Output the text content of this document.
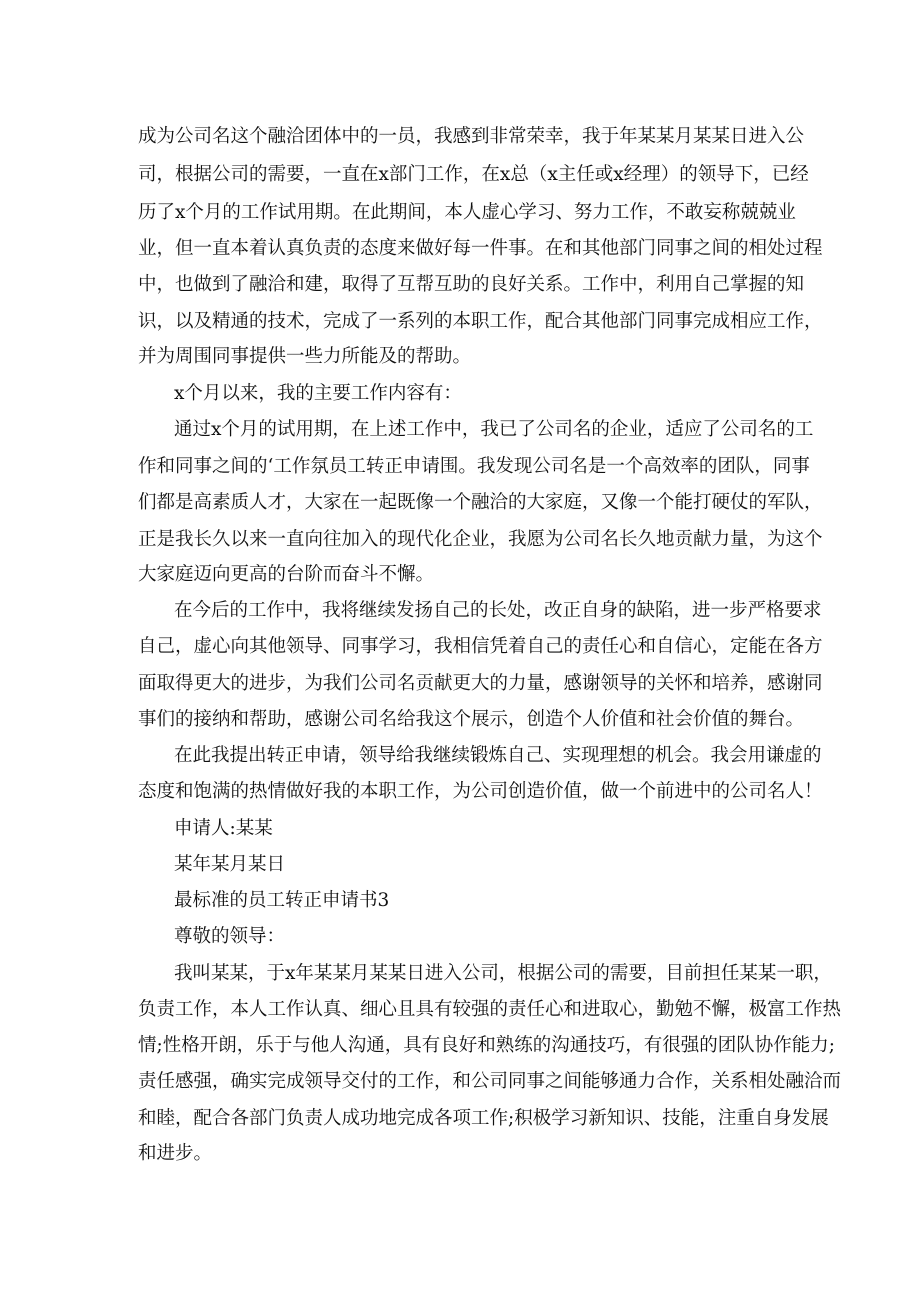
成为公司名这个融洽团体中的一员，我感到非常荣幸，我于年某某月某某日进入公

司，根据公司的需要，一直在x部门工作，在x总（x主任或x经理）的领导下，已经

历了x个月的工作试用期。在此期间，本人虚心学习、努力工作，不敢妄称兢兢业

业，但一直本着认真负责的态度来做好每一件事。在和其他部门同事之间的相处过程

中，也做到了融洽和建，取得了互帮互助的良好关系。工作中，利用自己掌握的知

识，以及精通的技术，完成了一系列的本职工作，配合其他部门同事完成相应工作，

并为周围同事提供一些力所能及的帮助。

x个月以来，我的主要工作内容有：

通过x个月的试用期，在上述工作中，我已了公司名的企业，适应了公司名的工

作和同事之间的‘工作氛员工转正申请围。我发现公司名是一个高效率的团队，同事

们都是高素质人才，大家在一起既像一个融洽的大家庭，又像一个能打硬仗的军队，

正是我长久以来一直向往加入的现代化企业，我愿为公司名长久地贡献力量，为这个

大家庭迈向更高的台阶而奋斗不懈。

在今后的工作中，我将继续发扬自己的长处，改正自身的缺陷，进一步严格要求

自己，虚心向其他领导、同事学习，我相信凭着自己的责任心和自信心，定能在各方

面取得更大的进步，为我们公司名贡献更大的力量，感谢领导的关怀和培养，感谢同

事们的接纳和帮助，感谢公司名给我这个展示，创造个人价值和社会价值的舞台。

在此我提出转正申请，领导给我继续锻炼自己、实现理想的机会。我会用谦虚的

态度和饱满的热情做好我的本职工作，为公司创造价值，做一个前进中的公司名人！

申请人:某某

某年某月某日

最标准的员工转正申请书3

尊敬的领导：

我叫某某，于x年某某月某某日进入公司，根据公司的需要，目前担任某某一职，

负责工作，本人工作认真、细心且具有较强的责任心和进取心，勤勉不懈，极富工作热

情;性格开朗，乐于与他人沟通，具有良好和熟练的沟通技巧，有很强的团队协作能力;

责任感强，确实完成领导交付的工作，和公司同事之间能够通力合作，关系相处融洽而

和睦，配合各部门负责人成功地完成各项工作;积极学习新知识、技能，注重自身发展

和进步。
